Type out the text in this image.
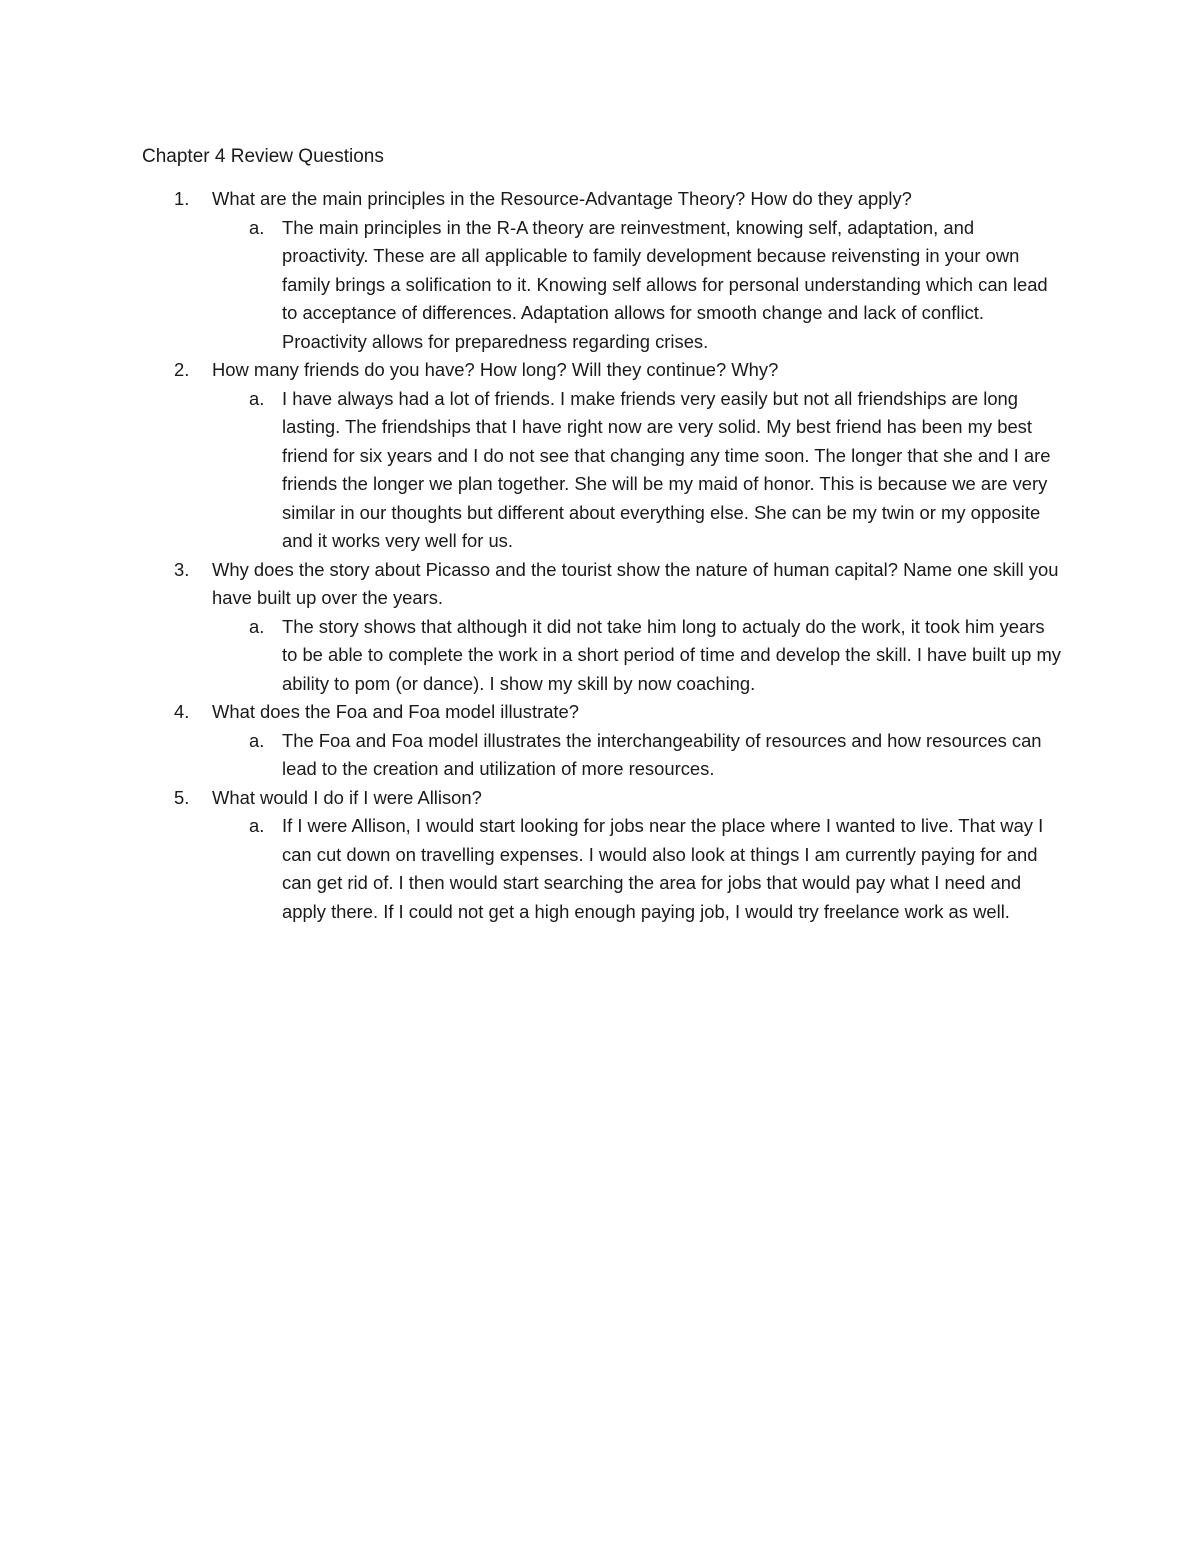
Chapter 4 Review Questions
1. What are the main principles in the Resource-Advantage Theory? How do they apply?
a. The main principles in the R-A theory are reinvestment, knowing self, adaptation, and proactivity. These are all applicable to family development because reivensting in your own family brings a solification to it. Knowing self allows for personal understanding which can lead to acceptance of differences. Adaptation allows for smooth change and lack of conflict. Proactivity allows for preparedness regarding crises.
2. How many friends do you have? How long? Will they continue? Why?
a. I have always had a lot of friends. I make friends very easily but not all friendships are long lasting. The friendships that I have right now are very solid. My best friend has been my best friend for six years and I do not see that changing any time soon. The longer that she and I are friends the longer we plan together. She will be my maid of honor. This is because we are very similar in our thoughts but different about everything else. She can be my twin or my opposite and it works very well for us.
3. Why does the story about Picasso and the tourist show the nature of human capital? Name one skill you have built up over the years.
a. The story shows that although it did not take him long to actualy do the work, it took him years to be able to complete the work in a short period of time and develop the skill. I have built up my ability to pom (or dance). I show my skill by now coaching.
4. What does the Foa and Foa model illustrate?
a. The Foa and Foa model illustrates the interchangeability of resources and how resources can lead to the creation and utilization of more resources.
5. What would I do if I were Allison?
a. If I were Allison, I would start looking for jobs near the place where I wanted to live. That way I can cut down on travelling expenses. I would also look at things I am currently paying for and can get rid of. I then would start searching the area for jobs that would pay what I need and apply there. If I could not get a high enough paying job, I would try freelance work as well.
